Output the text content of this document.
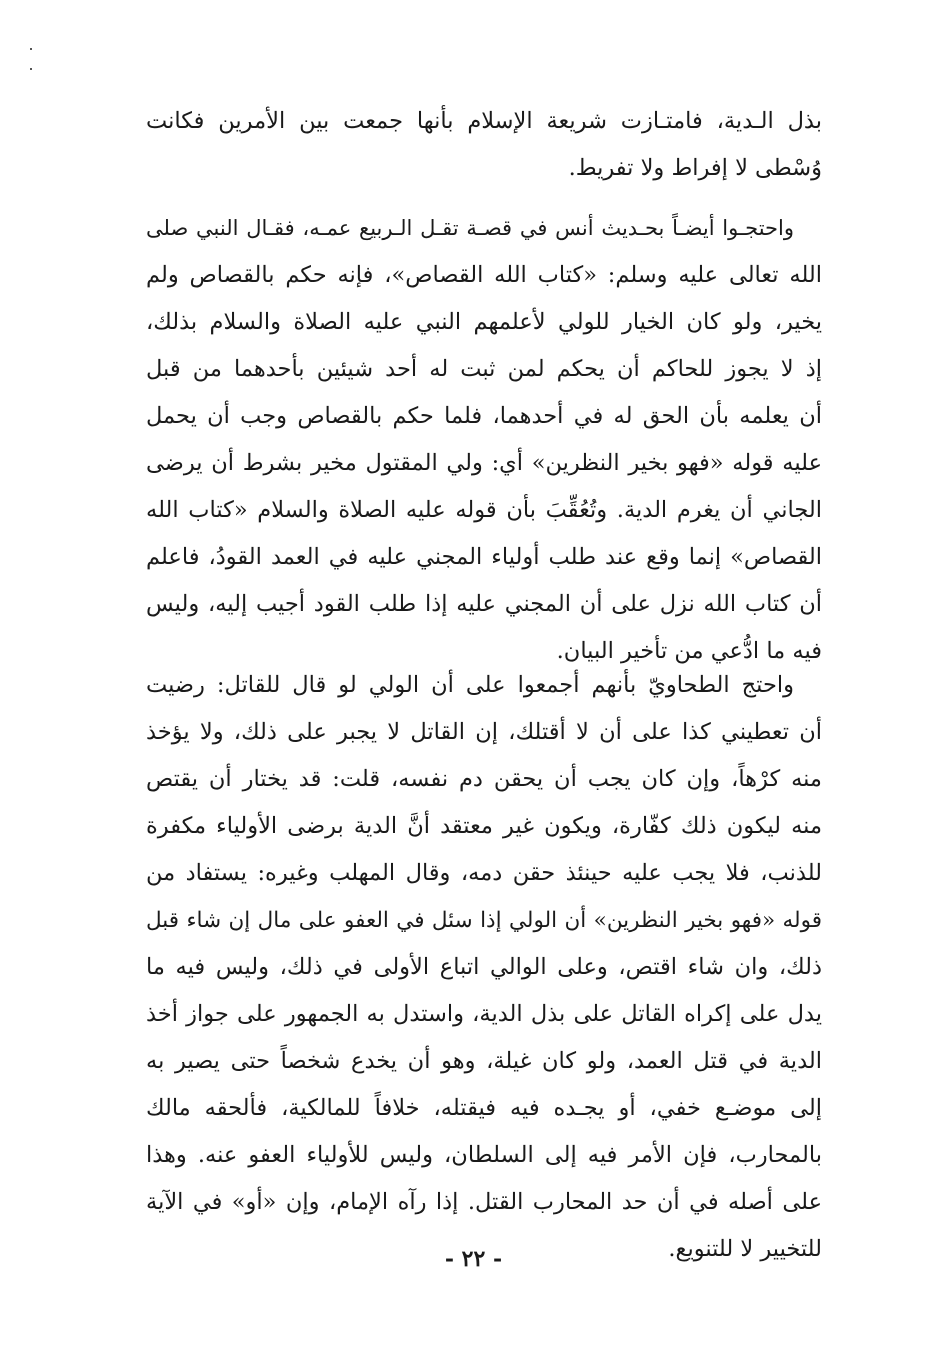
بذل الـدية، فامتـازت شريعة الإسلام بأنها جمعت بين الأمرين فكانت
وُسْطى لا إفراط ولا تفريط.
واحتجـوا أيضـاً بحـديث أنس في قصـة تقـل الـربيع عمـه، فقـال النبي صلى
الله تعالى عليه وسلم: «كتاب الله القصاص»، فإنه حكم بالقصاص ولم
يخير، ولو كان الخيار للولي لأعلمهم النبي عليه الصلاة والسلام بذلك،
إذ لا يجوز للحاكم أن يحكم لمن ثبت له أحد شيئين بأحدهما من قبل
أن يعلمه بأن الحق له في أحدهما، فلما حكم بالقصاص وجب أن يحمل
عليه قوله «فهو بخير النظرين» أي: ولي المقتول مخير بشرط أن يرضى
الجاني أن يغرم الدية. وتُعُقِّبَ بأن قوله عليه الصلاة والسلام «كتاب الله
القصاص» إنما وقع عند طلب أولياء المجني عليه في العمد القودُ، فاعلم
أن كتاب الله نزل على أن المجني عليه إذا طلب القود أجيب إليه، وليس
فيه ما ادُّعي من تأخير البيان.
واحتج الطحاويّ بأنهم أجمعوا على أن الولي لو قال للقاتل: رضيت
أن تعطيني كذا على أن لا أقتلك، إن القاتل لا يجبر على ذلك، ولا يؤخذ
منه كرْهاً، وإن كان يجب أن يحقن دم نفسه، قلت: قد يختار أن يقتص
منه ليكون ذلك كفّارة، ويكون غير معتقد أنَّ الدية برضى الأولياء مكفرة
للذنب، فلا يجب عليه حينئذ حقن دمه، وقال المهلب وغيره: يستفاد من
قوله «فهو بخير النظرين» أن الولي إذا سئل في العفو على مال إن شاء قبل
ذلك، وان شاء اقتص، وعلى الوالي اتباع الأولى في ذلك، وليس فيه ما
يدل على إكراه القاتل على بذل الدية، واستدل به الجمهور على جواز أخذ
الدية في قتل العمد، ولو كان غيلة، وهو أن يخدع شخصاً حتى يصير به
إلى موضـع خفي، أو يجـده فيه فيقتله، خلافاً للمالكية، فألحقه مالك
بالمحارب، فإن الأمر فيه إلى السلطان، وليس للأولياء العفو عنه. وهذا
على أصله في أن حد المحارب القتل. إذا رآه الإمام، وإن «أو» في الآية
للتخيير لا للتنويع.
- ٢٢ -
